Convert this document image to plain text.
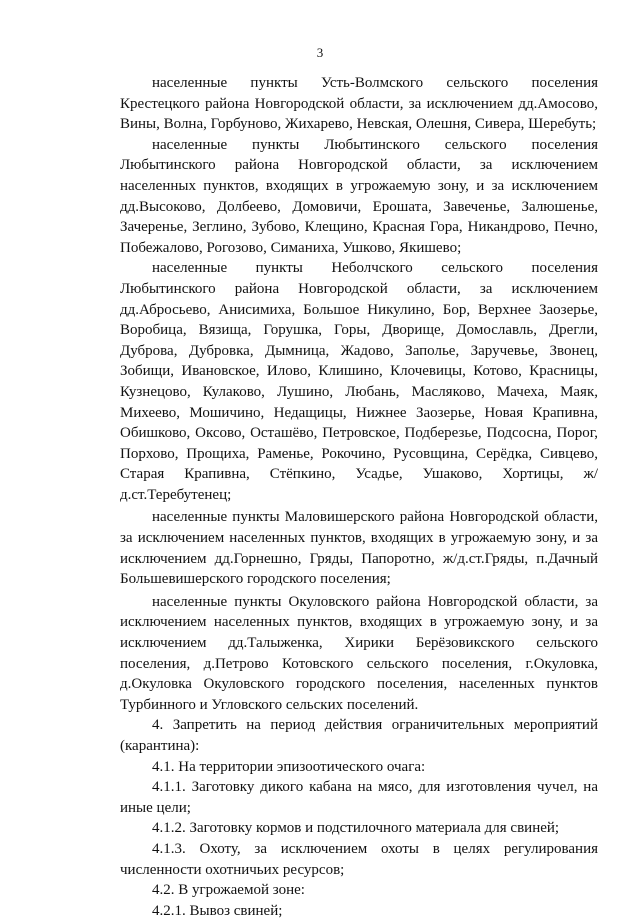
3

населенные пункты Усть-Волмского сельского поселения Крестецкого района Новгородской области, за исключением дд.Амосово, Вины, Волна, Горбуново, Жихарево, Невская, Олешня, Сивера, Шеребуть;

населенные пункты Любытинского сельского поселения Любытинского района Новгородской области, за исключением населенных пунктов, входящих в угрожаемую зону, и за исключением дд.Высоково, Долбеево, Домовичи, Ерошата, Завеченье, Залюшенье, Зачеренье, Зеглино, Зубово, Клещино, Красная Гора, Никандрово, Печно, Побежалово, Рогозово, Симаниха, Ушково, Якишево;

населенные пункты Неболчского сельского поселения Любытинского района Новгородской области, за исключением дд.Абросьево, Анисимиха, Большое Никулино, Бор, Верхнее Заозерье, Воробица, Вязища, Горушка, Горы, Дворище, Домославль, Дрегли, Дуброва, Дубровка, Дымница, Жадово, Заполье, Заручевье, Звонец, Зобищи, Ивановское, Илово, Клишино, Клочевицы, Котово, Красницы, Кузнецово, Кулаково, Лушино, Любань, Масляково, Мачеха, Маяк, Михеево, Мошичино, Недащицы, Нижнее Заозерье, Новая Крапивна, Обишково, Оксово, Осташёво, Петровское, Подберезье, Подсосна, Порог, Порхово, Прощиха, Раменье, Рокочино, Русовщина, Серёдка, Сивцево, Старая Крапивна, Стёпкино, Усадье, Ушаково, Хортицы, ж/д.ст.Теребутенец;

населенные пункты Маловишерского района Новгородской области, за исключением населенных пунктов, входящих в угрожаемую зону, и за исключением дд.Горнешно, Гряды, Папоротно, ж/д.ст.Гряды, п.Дачный Большевишерского городского поселения;

населенные пункты Окуловского района Новгородской области, за исключением населенных пунктов, входящих в угрожаемую зону, и за исключением дд.Талыженка, Хирики Берёзовикского сельского поселения, д.Петрово Котовского сельского поселения, г.Окуловка, д.Окуловка Окуловского городского поселения, населенных пунктов Турбинного и Угловского сельских поселений.

4. Запретить на период действия ограничительных мероприятий (карантина):

4.1. На территории эпизоотического очага:

4.1.1. Заготовку дикого кабана на мясо, для изготовления чучел, на иные цели;

4.1.2. Заготовку кормов и подстилочного материала для свиней;

4.1.3. Охоту, за исключением охоты в целях регулирования численности охотничьих ресурсов;

4.2. В угрожаемой зоне:

4.2.1. Вывоз свиней;
